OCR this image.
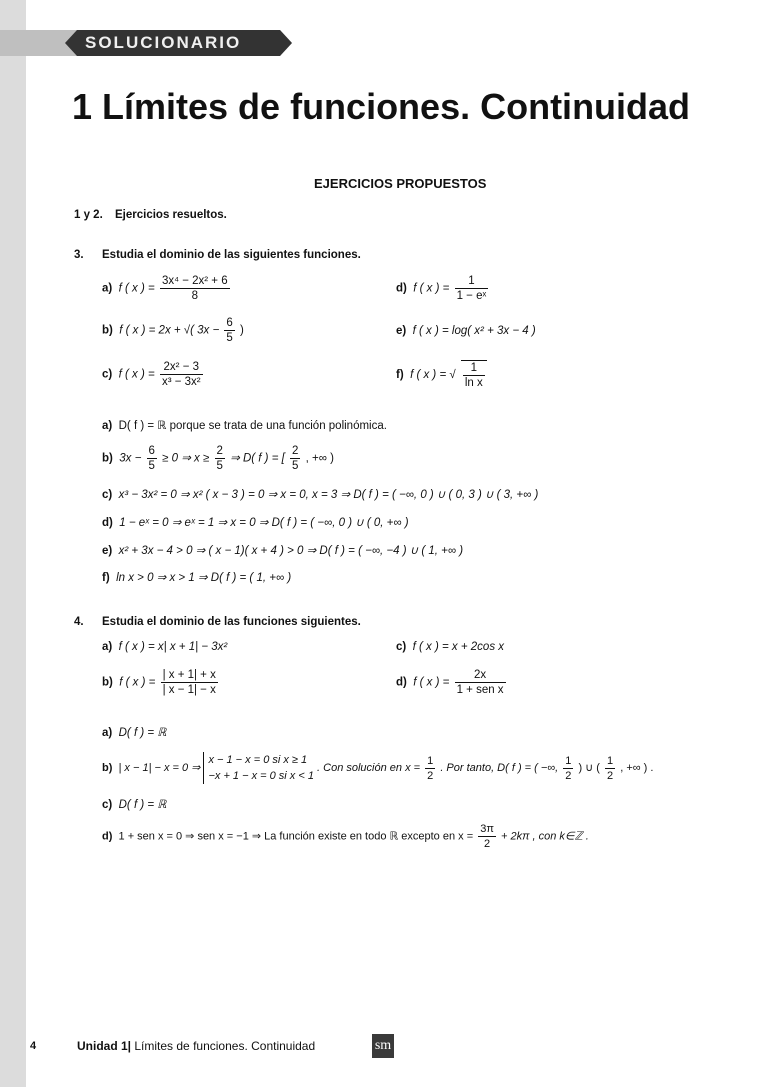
SOLUCIONARIO
1 Límites de funciones. Continuidad
EJERCICIOS PROPUESTOS
1 y 2. Ejercicios resueltos.
3. Estudia el dominio de las siguientes funciones.
a) f ( x ) = $\frac{\text{3x⁴ − 2x² + 6}}{8}$	d) f ( x ) = $\frac{1}{\text{1 − eˣ}}$
b) f ( x ) = 2x + √( $3x - \frac{6}{5}$ )	e) f ( x ) = log( x² + 3x − 4 )
c) f ( x ) = $\frac{\text{2x² − 3}}{\text{x³ − 3x²}}$	f) f ( x ) = √ $\frac{1}{\text{ln x}}$
a) D( f ) = ℝ porque se trata de una función polinómica.
b) $3x - \frac{6}{5} \ge 0$ ⇒ $x \ge \frac{2}{5}$ ⇒ D( f ) = [ $\frac{2}{5}$ , +∞ )
c) x³ − 3x² = 0 ⇒ x² ( x − 3 ) = 0 ⇒ x = 0, x = 3 ⇒ D( f ) = ( −∞, 0 ) ∪ ( 0, 3 ) ∪ ( 3, +∞ )
d) 1 − eˣ = 0 ⇒ eˣ = 1 ⇒ x = 0 ⇒ D( f ) = ( −∞, 0 ) ∪ ( 0, +∞ )
e) x² + 3x − 4 > 0 ⇒ ( x − 1)( x + 4 ) > 0 ⇒ D( f ) = ( −∞, −4 ) ∪ ( 1, +∞ )
f) ln x > 0 ⇒ x > 1 ⇒ D( f ) = ( 1, +∞ )
4. Estudia el dominio de las funciones siguientes.
a) f ( x ) = x| x + 1| − 3x²	c) f ( x ) = x + 2cos x
b) f ( x ) = $\frac{| x + 1| + x}{| x - 1| - x}$	d) f ( x ) = $\frac{2x}{\text{1 + sen x}}$
a) D( f ) = ℝ
b) | x − 1| − x = 0 ⇒
x − 1 − x = 0 si x ≥ 1
−x + 1 − x = 0 si x < 1
. Con solución en $x = \frac{1}{2}$ . Por tanto, D( f ) = ( −∞, $\frac{1}{2}$ ) ∪ ( $\frac{1}{2}$ , +∞ ) .
c) D( f ) = ℝ
d) 1 + sen x = 0 ⇒ sen x = −1 ⇒ La función existe en todo ℝ excepto en $x = \frac{3\pi}{2} + 2k\pi$ , con k∈ℤ .
4	Unidad 1| Límites de funciones. Continuidad	sm
